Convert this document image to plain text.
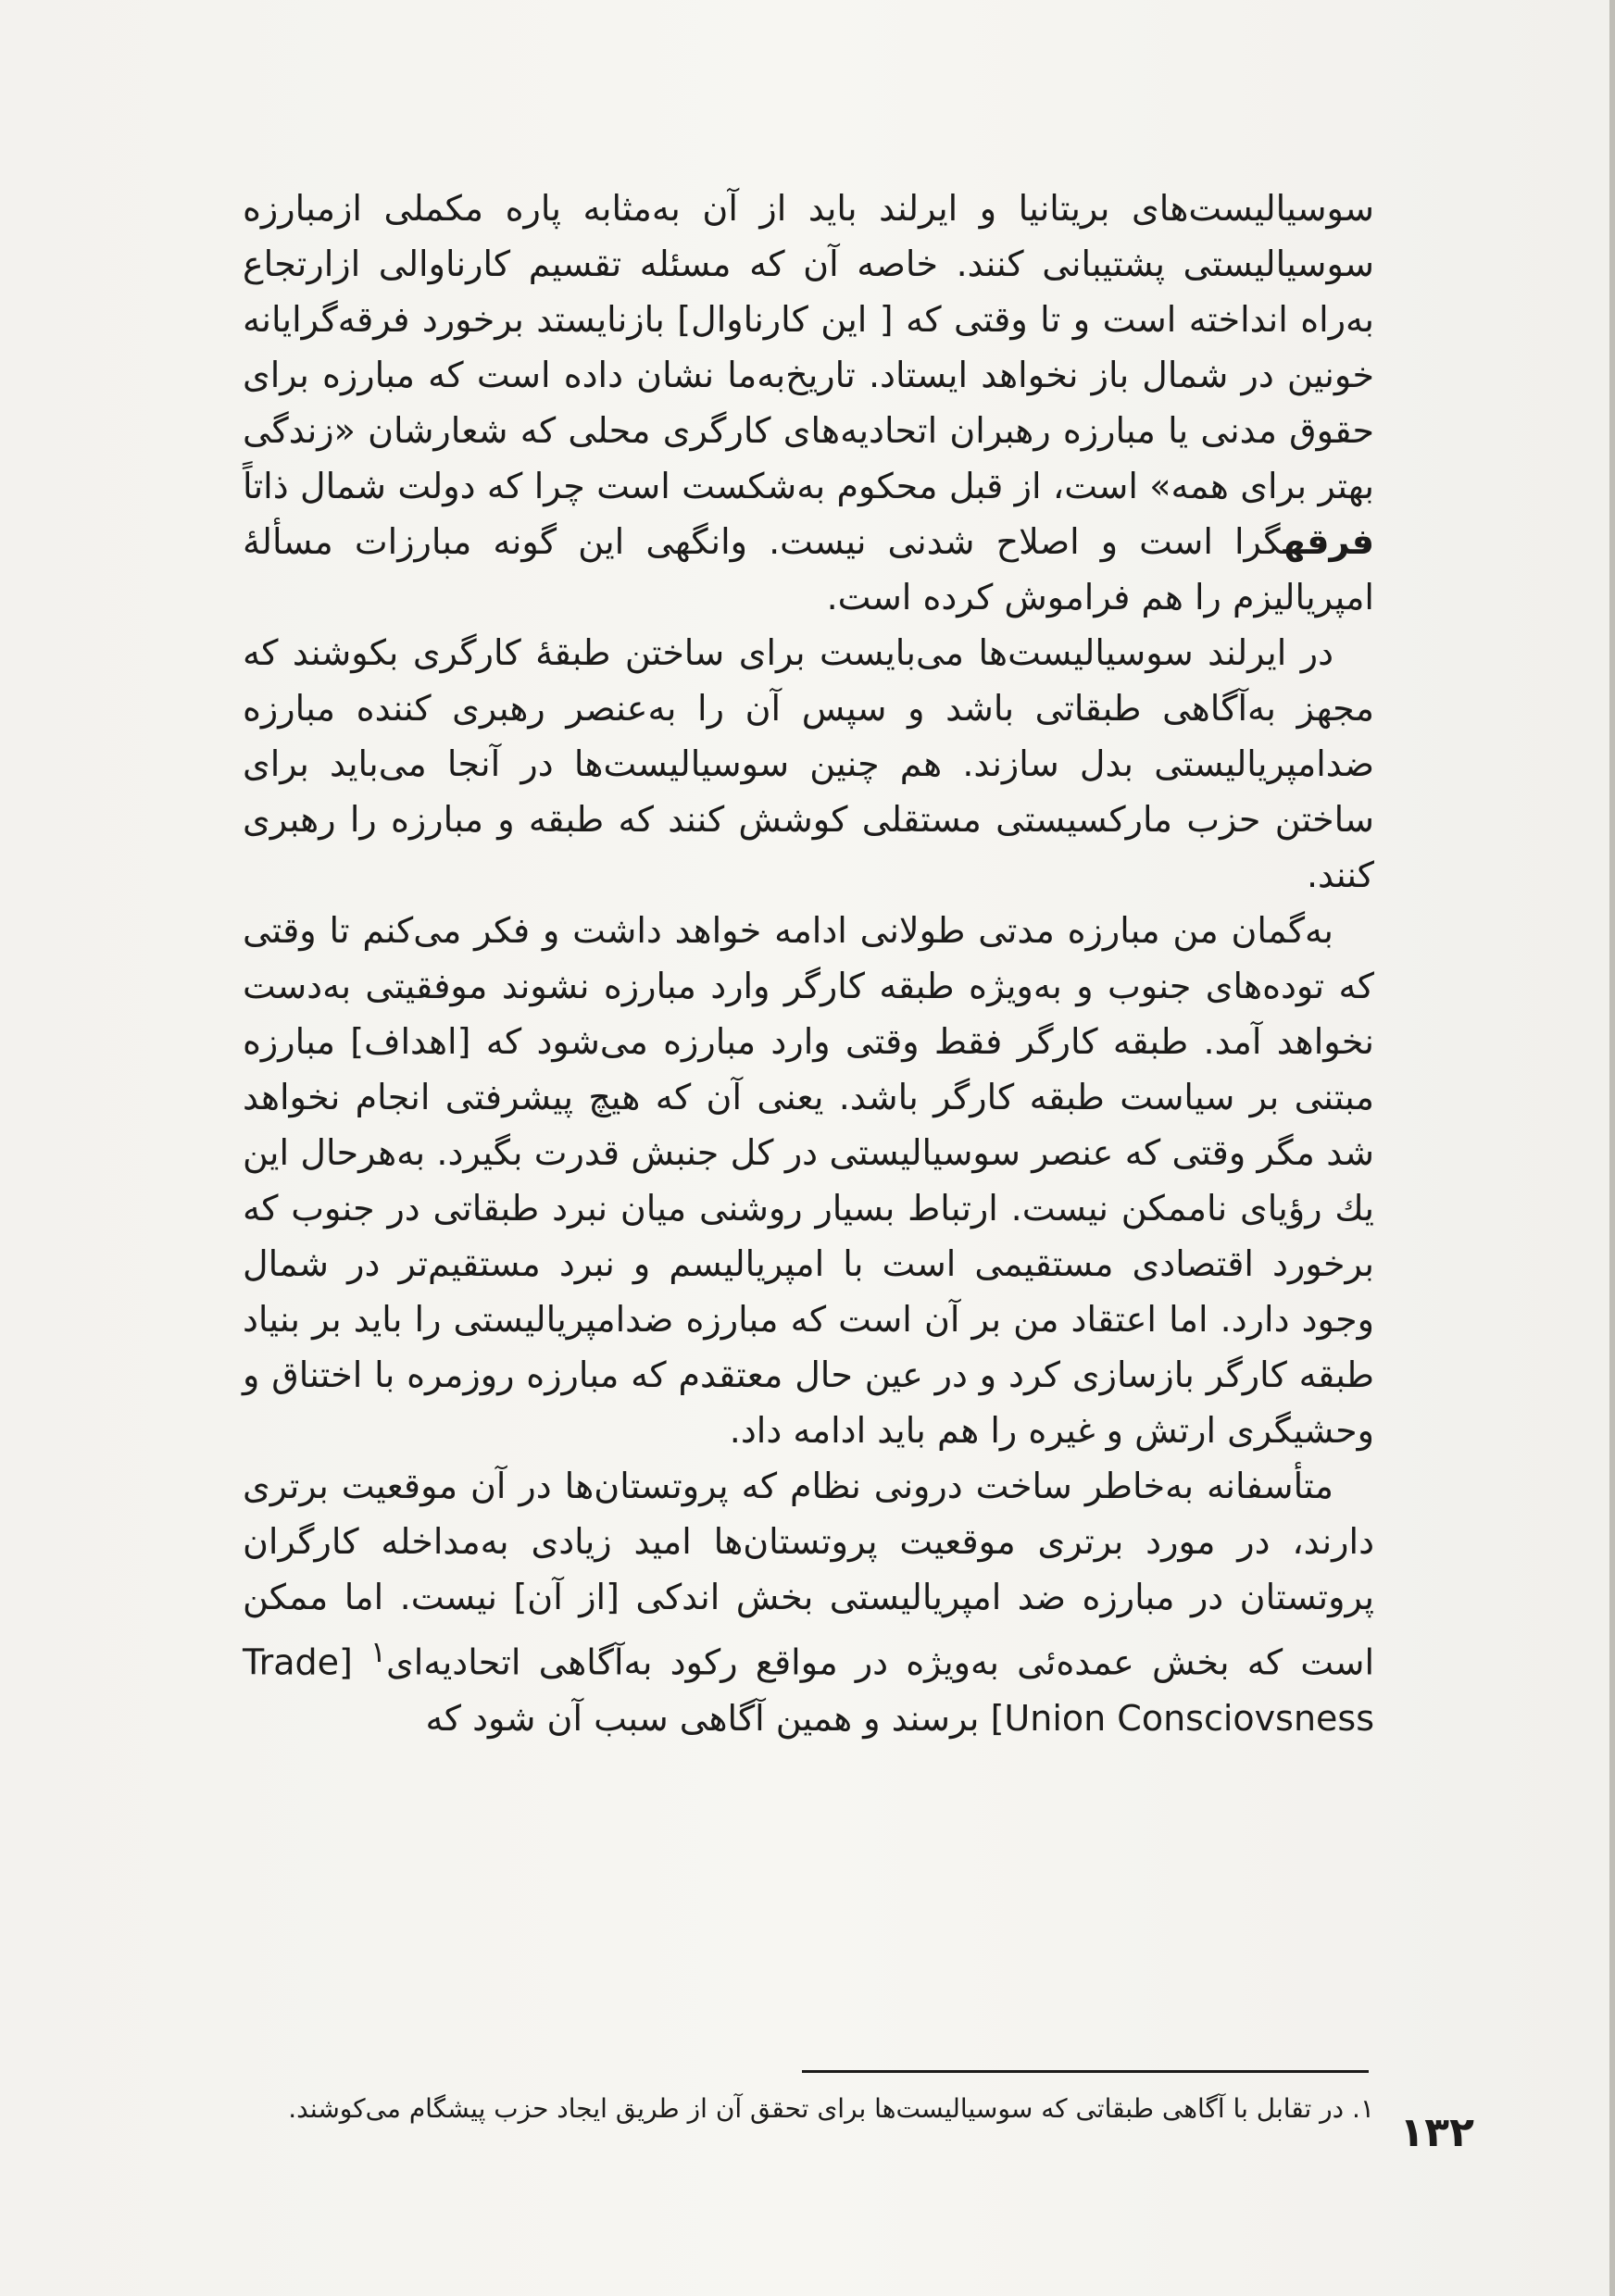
سوسیالیست‌های بریتانیا و ایرلند باید از آن به‌مثابه پاره مکملی ازمبارزه سوسیالیستی پشتیبانی کنند. خاصه آن که مسئله تقسیم کارناوالی ازارتجاع به‌راه انداخته است و تا وقتی که [ این کارناوال] بازنایستد برخورد فرقه‌گرایانه خونین در شمال باز نخواهد ایستاد. تاریخ‌به‌ما نشان داده است که مبارزه برای حقوق مدنی یا مبارزه رهبران اتحادیه‌های کارگری محلی که شعارشان «زندگی بهتر برای همه» است، از قبل محکوم به‌شکست است چرا که دولت شمال ذاتاً فرقهگرا است و اصلاح شدنی نیست. وانگهی این گونه مبارزات مسألهٔ امپریالیزم را هم فراموش کرده است.

در ایرلند سوسیالیست‌ها می‌بایست برای ساختن طبقهٔ کارگری بکوشند که مجهز به‌آگاهی طبقاتی باشد و سپس آن را به‌عنصر رهبری کننده مبارزه ضدامپریالیستی بدل سازند. هم چنین سوسیالیست‌ها در آنجا می‌باید برای ساختن حزب مارکسیستی مستقلی کوشش کنند که طبقه و مبارزه را رهبری کنند.

به‌گمان من مبارزه مدتی طولانی ادامه خواهد داشت و فکر می‌کنم تا وقتی که توده‌های جنوب و به‌ویژه طبقه کارگر وارد مبارزه نشوند موفقیتی به‌دست نخواهد آمد. طبقه کارگر فقط وقتی وارد مبارزه می‌شود که [اهداف] مبارزه مبتنی بر سیاست طبقه کارگر باشد. یعنی آن که هیچ پیشرفتی انجام نخواهد شد مگر وقتی که عنصر سوسیالیستی در کل جنبش قدرت بگیرد. به‌هرحال این یك رؤیای ناممکن نیست. ارتباط بسیار روشنی میان نبرد طبقاتی در جنوب که برخورد اقتصادی مستقیمی است با امپریالیسم و نبرد مستقیم‌تر در شمال وجود دارد. اما اعتقاد من بر آن است که مبارزه ضدامپریالیستی را باید بر بنیاد طبقه کارگر بازسازی کرد و در عین حال معتقدم که مبارزه روزمره با اختناق و وحشیگری ارتش و غیره را هم باید ادامه داد.

متأسفانه به‌خاطر ساخت درونی نظام که پروتستان‌ها در آن موقعیت برتری دارند، در مورد برتری موقعیت پروتستان‌ها امید زیادی به‌مداخله کارگران پروتستان در مبارزه ضد امپریالیستی بخش اندکی [از آن] نیست. اما ممکن است که بخش عمده‌ئی به‌ویژه در مواقع رکود به‌آگاهی اتحادیه‌ای$^۱$ [Trade Union Consciovsness] برسند و همین آگاهی سبب آن شود که

۱. در تقابل با آگاهی طبقاتی که سوسیالیست‌ها برای تحقق آن از طریق ایجاد حزب پیشگام می‌کوشند.
۱۳۲
